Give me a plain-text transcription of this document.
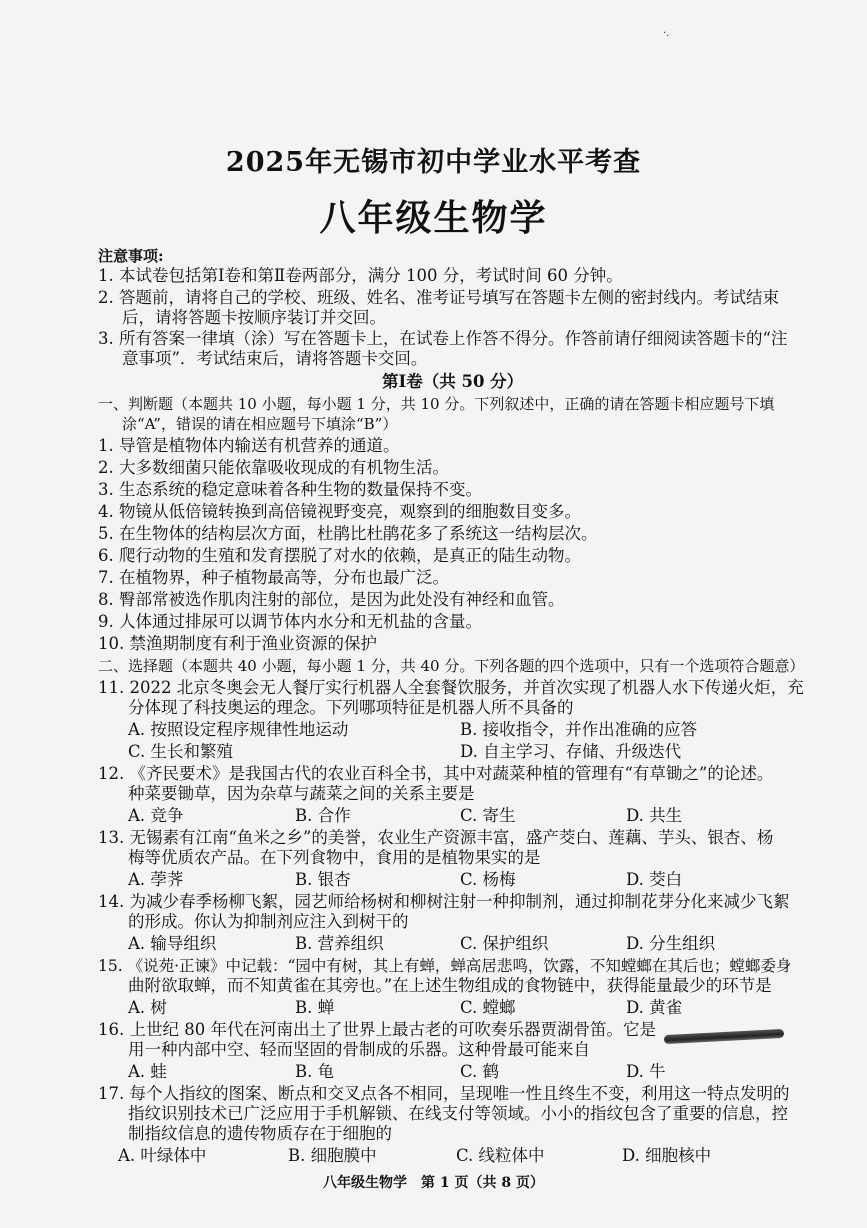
·.
2025年无锡市初中学业水平考查
八年级生物学
注意事项:
1. 本试卷包括第Ⅰ卷和第Ⅱ卷两部分，满分 100 分，考试时间 60 分钟。
2. 答题前，请将自己的学校、班级、姓名、准考证号填写在答题卡左侧的密封线内。考试结束
后，请将答题卡按顺序装订并交回。
3. 所有答案一律填（涂）写在答题卡上，在试卷上作答不得分。作答前请仔细阅读答题卡的“注
意事项”．考试结束后，请将答题卡交回。
第Ⅰ卷（共 50 分）
一、判断题（本题共 10 小题，每小题 1 分，共 10 分。下列叙述中，正确的请在答题卡相应题号下填
涂“A”，错误的请在相应题号下填涂“B”）
1. 导管是植物体内输送有机营养的通道。
2. 大多数细菌只能依靠吸收现成的有机物生活。
3. 生态系统的稳定意味着各种生物的数量保持不变。
4. 物镜从低倍镜转换到高倍镜视野变亮，观察到的细胞数目变多。
5. 在生物体的结构层次方面，杜鹃比杜鹃花多了系统这一结构层次。
6. 爬行动物的生殖和发育摆脱了对水的依赖，是真正的陆生动物。
7. 在植物界，种子植物最高等，分布也最广泛。
8. 臀部常被选作肌肉注射的部位，是因为此处没有神经和血管。
9. 人体通过排尿可以调节体内水分和无机盐的含量。
10. 禁渔期制度有利于渔业资源的保护
二、选择题（本题共 40 小题，每小题 1 分，共 40 分。下列各题的四个选项中，只有一个选项符合题意）
11. 2022 北京冬奥会无人餐厅实行机器人全套餐饮服务，并首次实现了机器人水下传递火炬，充
分体现了科技奥运的理念。下列哪项特征是机器人所不具备的
A. 按照设定程序规律性地运动	B. 接收指令，并作出准确的应答
C. 生长和繁殖	D. 自主学习、存储、升级迭代
12. 《齐民要术》是我国古代的农业百科全书，其中对蔬菜种植的管理有“有草锄之”的论述。
种菜要锄草，因为杂草与蔬菜之间的关系主要是
A. 竞争	B. 合作	C. 寄生	D. 共生
13. 无锡素有江南“鱼米之乡”的美誉，农业生产资源丰富，盛产茭白、莲藕、芋头、银杏、杨
梅等优质农产品。在下列食物中，食用的是植物果实的是
A. 荸荠	B. 银杏	C. 杨梅	D. 茭白
14. 为减少春季杨柳飞絮，园艺师给杨树和柳树注射一种抑制剂，通过抑制花芽分化来减少飞絮
的形成。你认为抑制剂应注入到树干的
A. 输导组织	B. 营养组织	C. 保护组织	D. 分生组织
15. 《说苑·正谏》中记载：“园中有树，其上有蝉，蝉高居悲鸣，饮露，不知螳螂在其后也；螳螂委身
曲附欲取蝉，而不知黄雀在其旁也。”在上述生物组成的食物链中，获得能量最少的环节是
A. 树	B. 蝉	C. 螳螂	D. 黄雀
16. 上世纪 80 年代在河南出土了世界上最古老的可吹奏乐器贾湖骨笛。它是
用一种内部中空、轻而坚固的骨制成的乐器。这种骨最可能来自
A. 蛙	B. 龟	C. 鹤	D. 牛
17. 每个人指纹的图案、断点和交叉点各不相同，呈现唯一性且终生不变，利用这一特点发明的
指纹识别技术已广泛应用于手机解锁、在线支付等领域。小小的指纹包含了重要的信息，控
制指纹信息的遗传物质存在于细胞的
A. 叶绿体中	B. 细胞膜中	C. 线粒体中	D. 细胞核中
八年级生物学　第 1 页（共 8 页）
